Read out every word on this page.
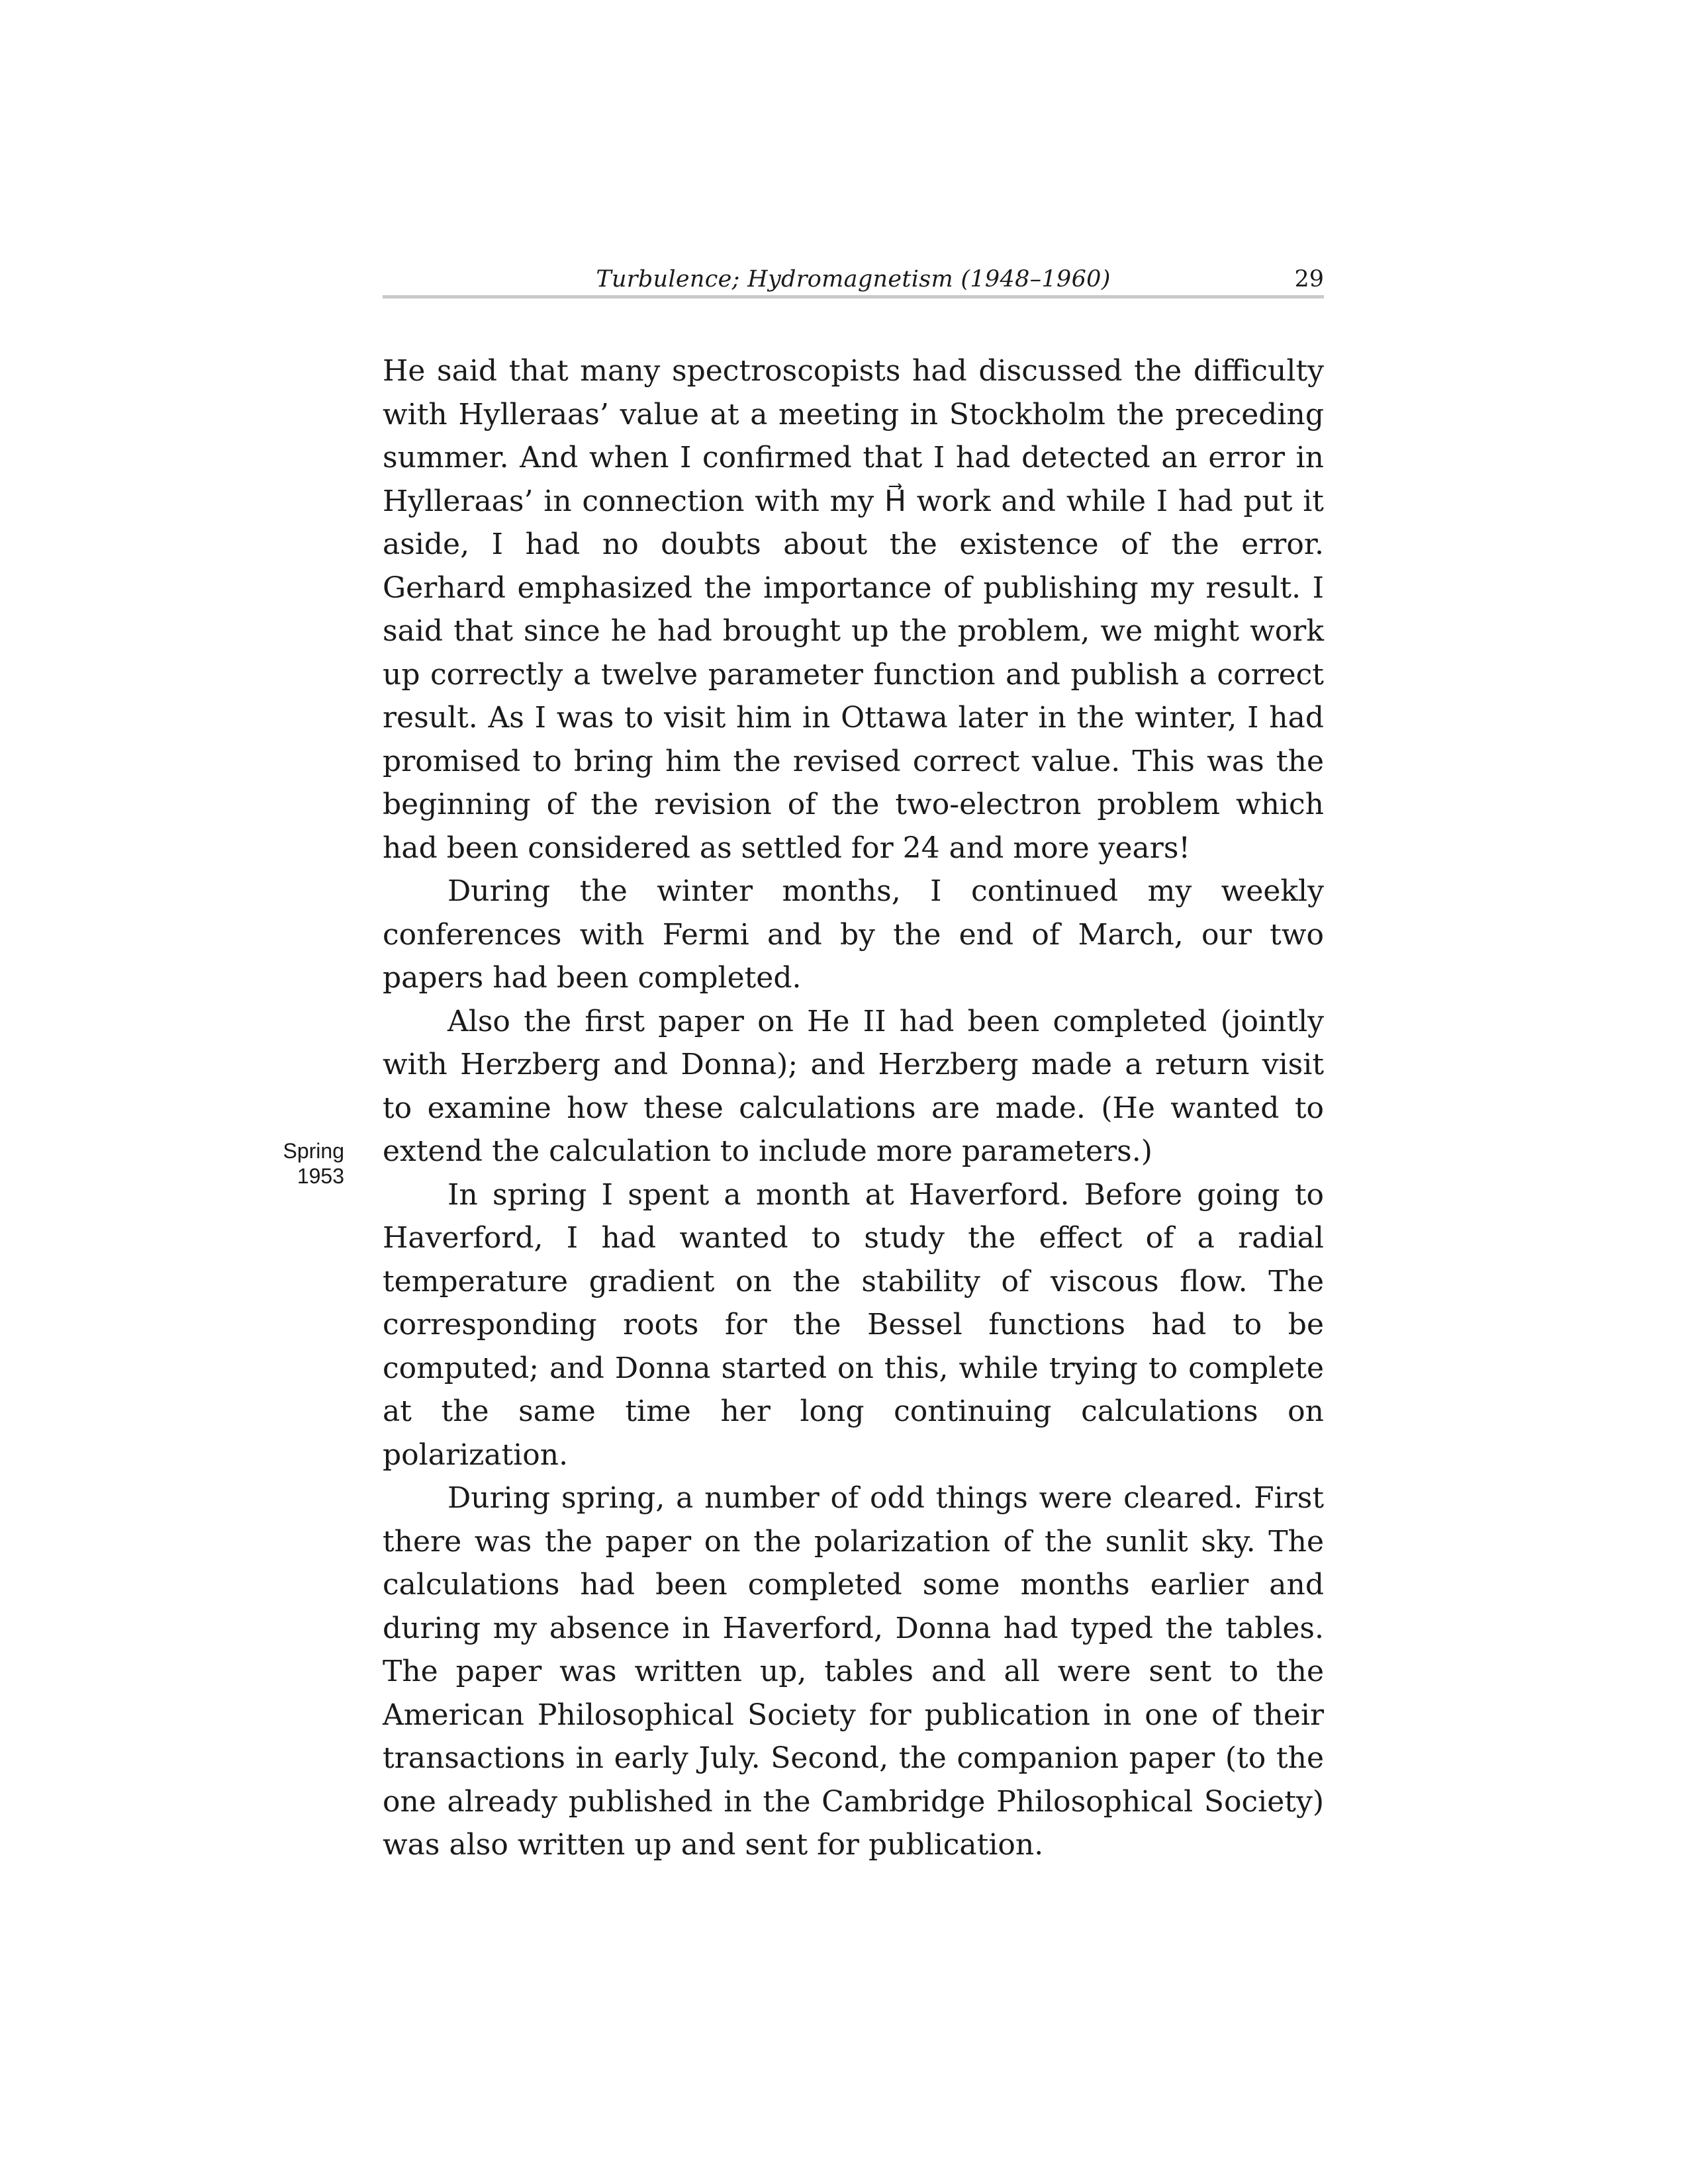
Turbulence; Hydromagnetism (1948–1960)	29
Spring
1953

He said that many spectroscopists had discussed the difficulty with Hylleraas’ value at a meeting in Stockholm the preceding summer. And when I confirmed that I had detected an error in Hylleraas’ in connection with my H⃗ work and while I had put it aside, I had no doubts about the existence of the error. Gerhard emphasized the importance of publishing my result. I said that since he had brought up the problem, we might work up correctly a twelve parameter function and publish a correct result. As I was to visit him in Ottawa later in the winter, I had promised to bring him the revised correct value. This was the beginning of the revision of the two-electron problem which had been considered as settled for 24 and more years!

During the winter months, I continued my weekly conferences with Fermi and by the end of March, our two papers had been completed.

Also the first paper on He II had been completed (jointly with Herzberg and Donna); and Herzberg made a return visit to examine how these calculations are made. (He wanted to extend the calculation to include more parameters.)

In spring I spent a month at Haverford. Before going to Haverford, I had wanted to study the effect of a radial temperature gradient on the stability of viscous flow. The corresponding roots for the Bessel functions had to be computed; and Donna started on this, while trying to complete at the same time her long continuing calculations on polarization.

During spring, a number of odd things were cleared. First there was the paper on the polarization of the sunlit sky. The calculations had been completed some months earlier and during my absence in Haverford, Donna had typed the tables. The paper was written up, tables and all were sent to the American Philosophical Society for publication in one of their transactions in early July. Second, the companion paper (to the one already published in the Cambridge Philosophical Society) was also written up and sent for publication.
